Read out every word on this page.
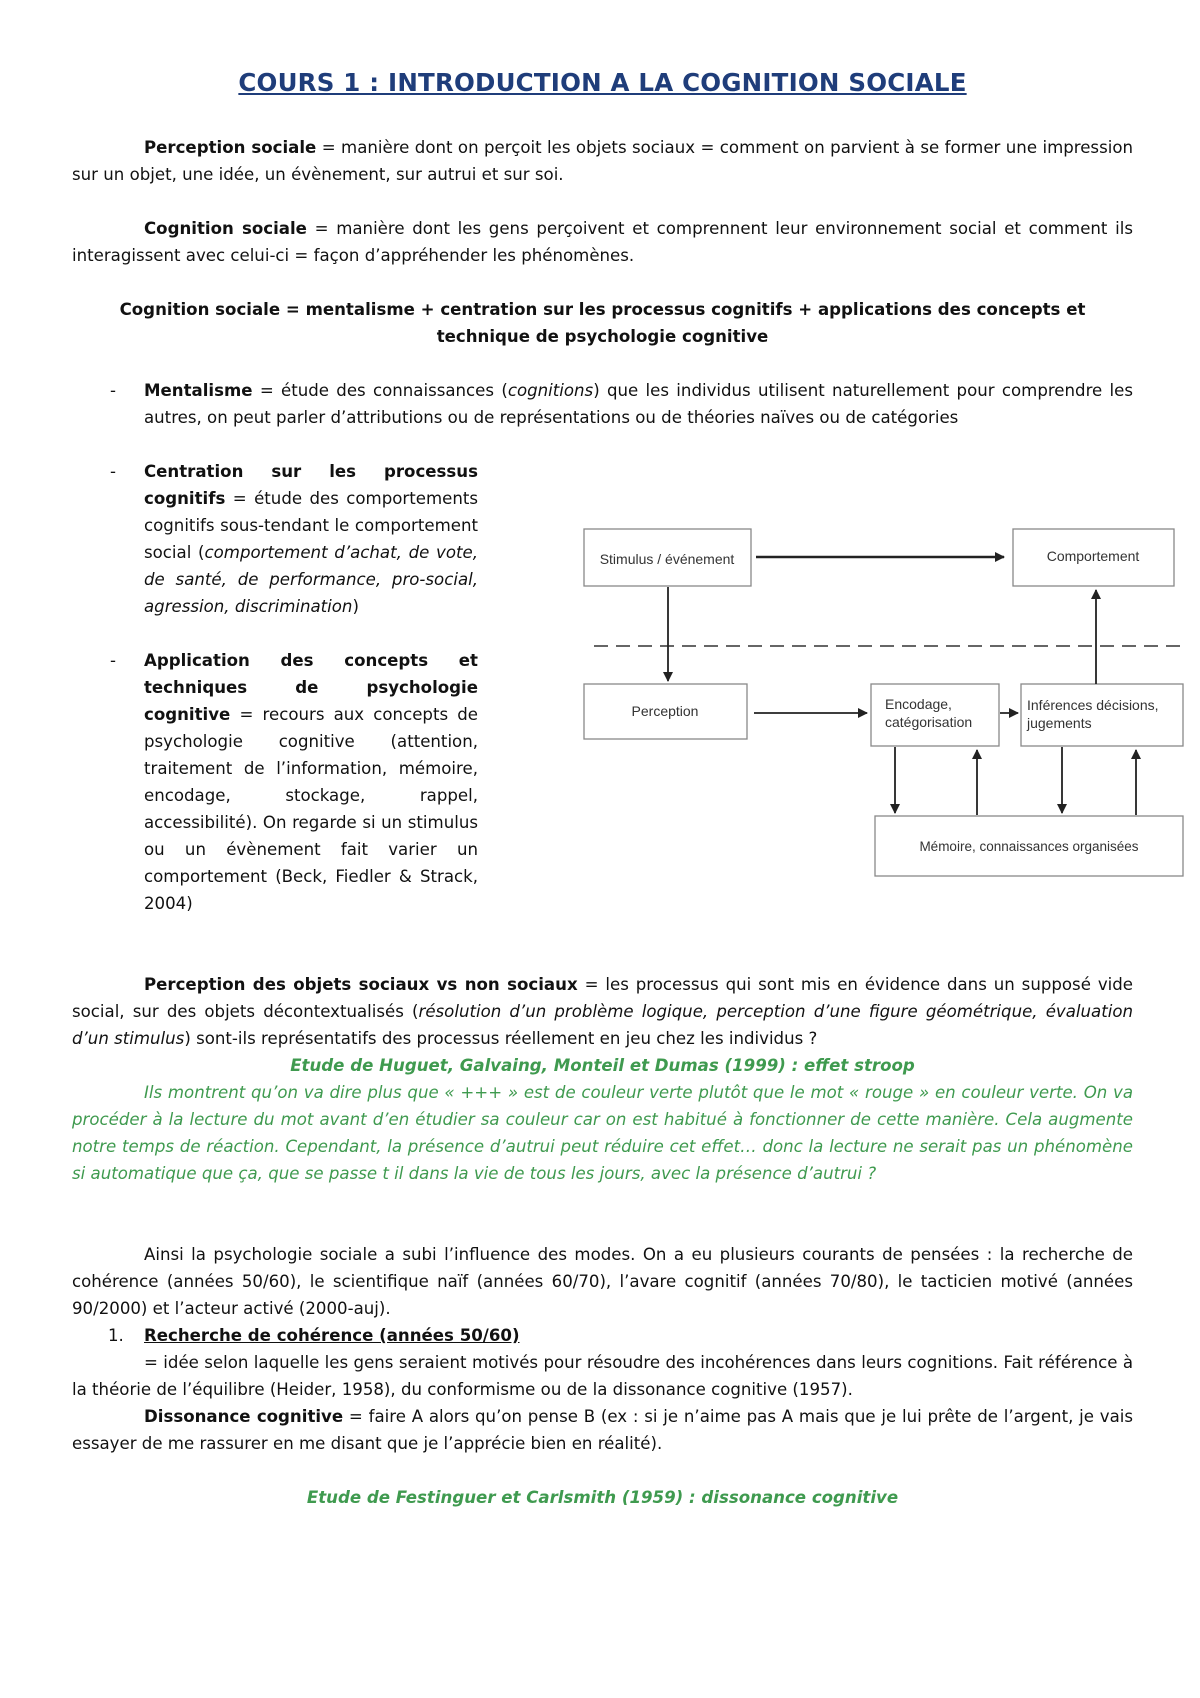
COURS 1 : INTRODUCTION A LA COGNITION SOCIALE
Perception sociale = manière dont on perçoit les objets sociaux = comment on parvient à se former une impression sur un objet, une idée, un évènement, sur autrui et sur soi.
Cognition sociale = manière dont les gens perçoivent et comprennent leur environnement social et comment ils interagissent avec celui-ci = façon d’appréhender les phénomènes.
Cognition sociale = mentalisme + centration sur les processus cognitifs + applications des concepts et technique de psychologie cognitive
- Mentalisme = étude des connaissances (cognitions) que les individus utilisent naturellement pour comprendre les autres, on peut parler d’attributions ou de représentations ou de théories naïves ou de catégories
- Centration sur les processus cognitifs = étude des comportements cognitifs sous-tendant le comportement social (comportement d’achat, de vote, de santé, de performance, pro-social, agression, discrimination)
- Application des concepts et techniques de psychologie cognitive = recours aux concepts de psychologie cognitive (attention, traitement de l’information, mémoire, encodage, stockage, rappel, accessibilité). On regarde si un stimulus ou un évènement fait varier un comportement (Beck, Fiedler & Strack, 2004)
Stimulus / événement	Comportement
Perception	Encodage,
catégorisation
Inférences décisions,
jugements
Mémoire, connaissances organisées
Perception des objets sociaux vs non sociaux = les processus qui sont mis en évidence dans un supposé vide social, sur des objets décontextualisés (résolution d’un problème logique, perception d’une figure géométrique, évaluation d’un stimulus) sont-ils représentatifs des processus réellement en jeu chez les individus ?
Etude de Huguet, Galvaing, Monteil et Dumas (1999) : effet stroop
Ils montrent qu’on va dire plus que « +++ » est de couleur verte plutôt que le mot « rouge » en couleur verte. On va procéder à la lecture du mot avant d’en étudier sa couleur car on est habitué à fonctionner de cette manière. Cela augmente notre temps de réaction. Cependant, la présence d’autrui peut réduire cet effet… donc la lecture ne serait pas un phénomène si automatique que ça, que se passe t il dans la vie de tous les jours, avec la présence d’autrui ?
Ainsi la psychologie sociale a subi l’influence des modes. On a eu plusieurs courants de pensées : la recherche de cohérence (années 50/60), le scientifique naïf (années 60/70), l’avare cognitif (années 70/80), le tacticien motivé (années 90/2000) et l’acteur activé (2000-auj).
1. Recherche de cohérence (années 50/60)
= idée selon laquelle les gens seraient motivés pour résoudre des incohérences dans leurs cognitions. Fait référence à la théorie de l’équilibre (Heider, 1958), du conformisme ou de la dissonance cognitive (1957).
Dissonance cognitive = faire A alors qu’on pense B (ex : si je n’aime pas A mais que je lui prête de l’argent, je vais essayer de me rassurer en me disant que je l’apprécie bien en réalité).
Etude de Festinguer et Carlsmith (1959) : dissonance cognitive
